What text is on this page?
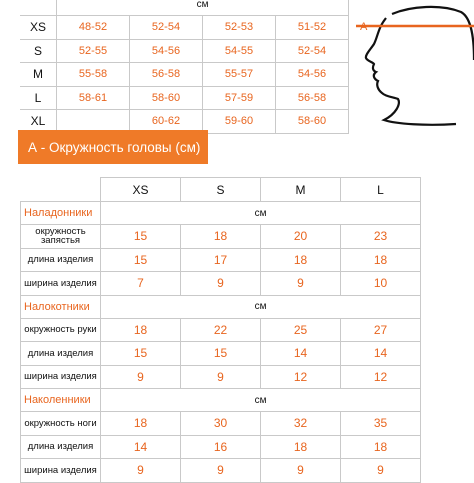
	см			
XS	48-52	52-54	52-53	51-52
S	52-55	54-56	54-55	52-54
M	55-58	56-58	55-57	54-56
L	58-61	58-60	57-59	56-58
XL		60-62	59-60	58-60
A
А - Окружность головы (см)
	XS	S	M	L
Наладонники	см			
окружность запястья	15	18	20	23
длина изделия	15	17	18	18
ширина изделия	7	9	9	10
Налокотники	см			
окружность руки	18	22	25	27
длина изделия	15	15	14	14
ширина изделия	9	9	12	12
Наколенники	см			
окружность ноги	18	30	32	35
длина изделия	14	16	18	18
ширина изделия	9	9	9	9
